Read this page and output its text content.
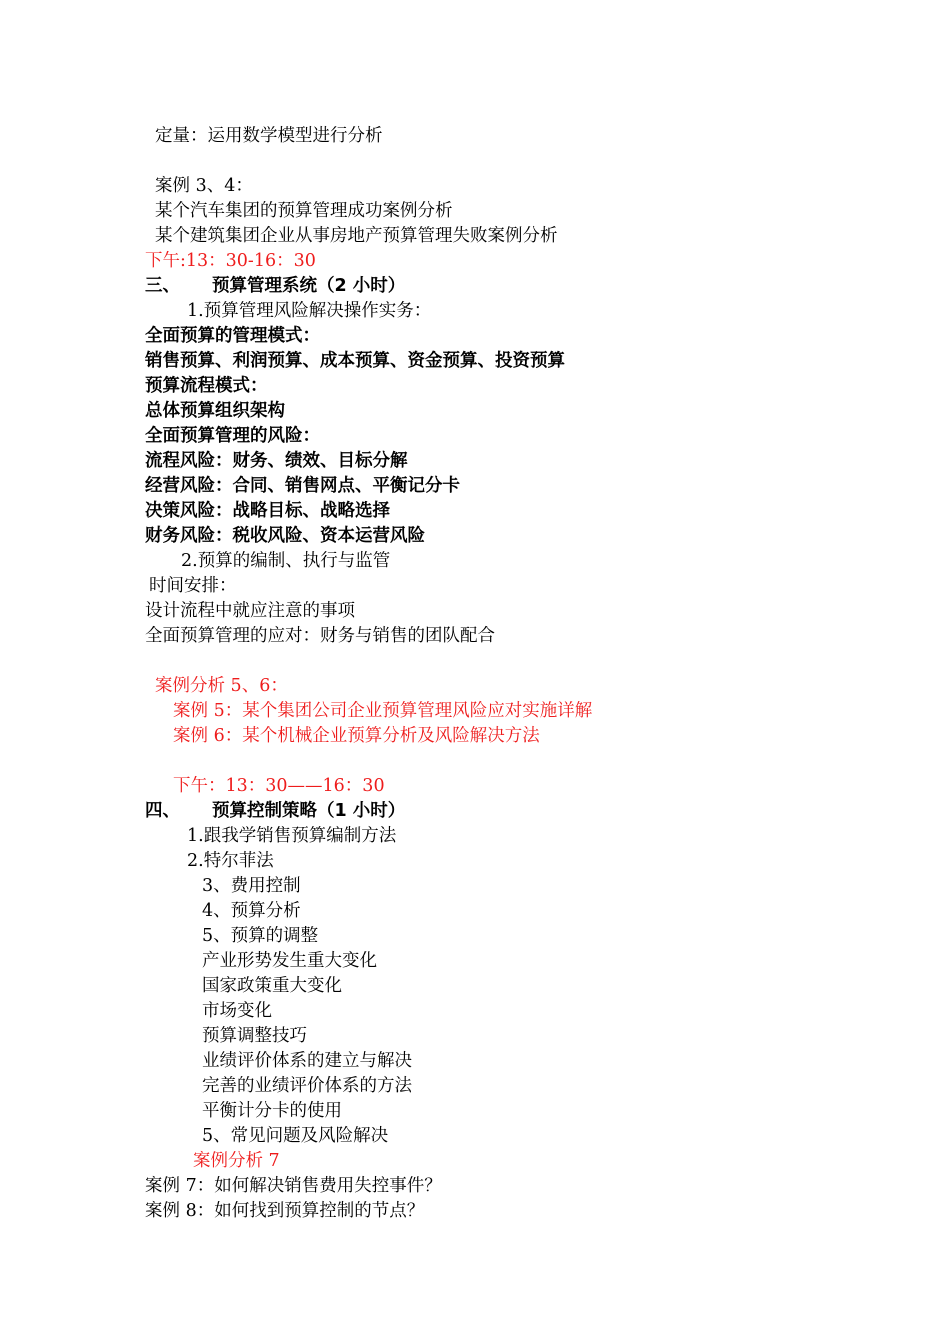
定量：运用数学模型进行分析
案例 3、4：
某个汽车集团的预算管理成功案例分析
某个建筑集团企业从事房地产预算管理失败案例分析
下午:13：30-16：30
三、 预算管理系统（2 小时）
1.预算管理风险解决操作实务：
全面预算的管理模式：
销售预算、利润预算、成本预算、资金预算、投资预算
预算流程模式：
总体预算组织架构
全面预算管理的风险：
流程风险：财务、绩效、目标分解
经营风险：合同、销售网点、平衡记分卡
决策风险：战略目标、战略选择
财务风险：税收风险、资本运营风险
2.预算的编制、执行与监管
时间安排：
设计流程中就应注意的事项
全面预算管理的应对：财务与销售的团队配合
案例分析 5、6：
案例 5：某个集团公司企业预算管理风险应对实施详解
案例 6：某个机械企业预算分析及风险解决方法
下午：13：30——16：30
四、 预算控制策略（1 小时）
1.跟我学销售预算编制方法
2.特尔菲法
3、费用控制
4、预算分析
5、预算的调整
产业形势发生重大变化
国家政策重大变化
市场变化
预算调整技巧
业绩评价体系的建立与解决
完善的业绩评价体系的方法
平衡计分卡的使用
5、常见问题及风险解决
案例分析 7
案例 7：如何解决销售费用失控事件？
案例 8：如何找到预算控制的节点？
